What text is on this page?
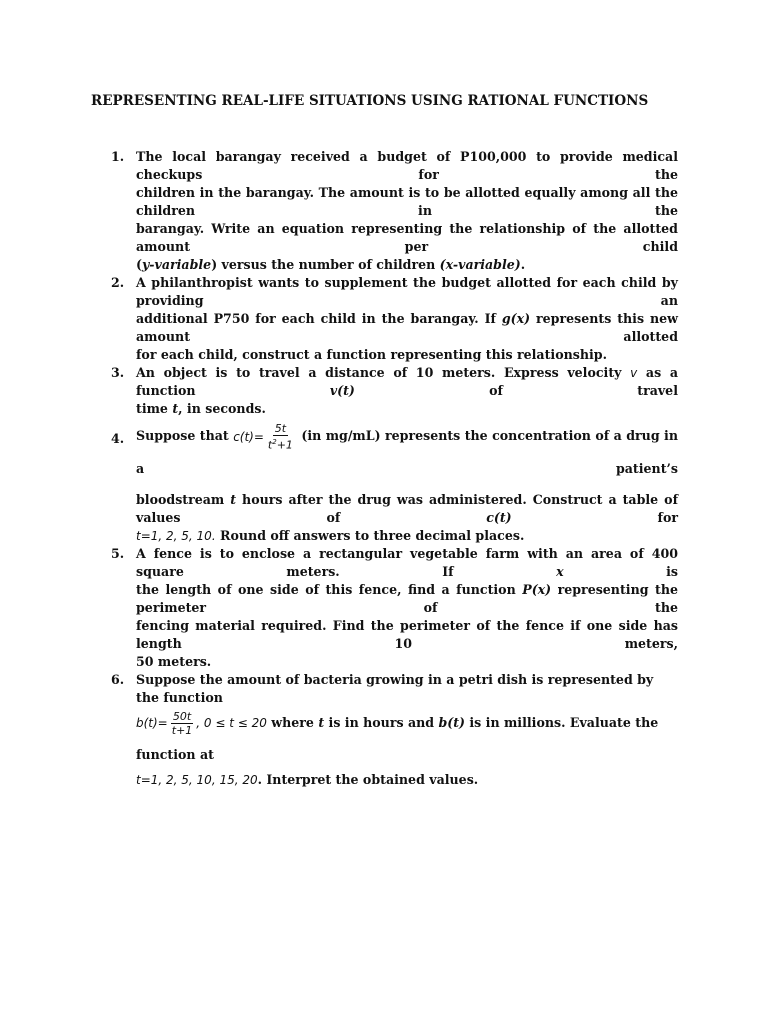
REPRESENTING REAL-LIFE SITUATIONS USING RATIONAL FUNCTIONS
1. The local barangay received a budget of P100,000 to provide medical checkups for the

children in the barangay. The amount is to be allotted equally among all the children in the

barangay. Write an equation representing the relationship of the allotted amount per child

(y-variable) versus the number of children (x-variable).

2. A philanthropist wants to supplement the budget allotted for each child by providing an

additional P750 for each child in the barangay. If g(x) represents this new amount allotted

for each child, construct a function representing this relationship.

3. An object is to travel a distance of 10 meters. Express velocity v as a function v(t) of travel

time t, in seconds.

4. Suppose that $c(t)= \frac{5t}{t^2+1} (in$ mg/mL) represents the concentration of a drug in a patient’s

bloodstream t hours after the drug was administered. Construct a table of values of c(t) for

t=1, 2, 5, 10. Round off answers to three decimal places.

5. A fence is to enclose a rectangular vegetable farm with an area of 400 square meters. If x is

the length of one side of this fence, find a function P(x) representing the perimeter of the

fencing material required. Find the perimeter of the fence if one side has length 10 meters,

50 meters.

6. Suppose the amount of bacteria growing in a petri dish is represented by the function

$b(t)= \frac{50t}{t+1}$ , 0 ≤ t ≤ 20 where t is in hours and b(t) is in millions. Evaluate the function at

t=1, 2, 5, 10, 15, 20. Interpret the obtained values.
